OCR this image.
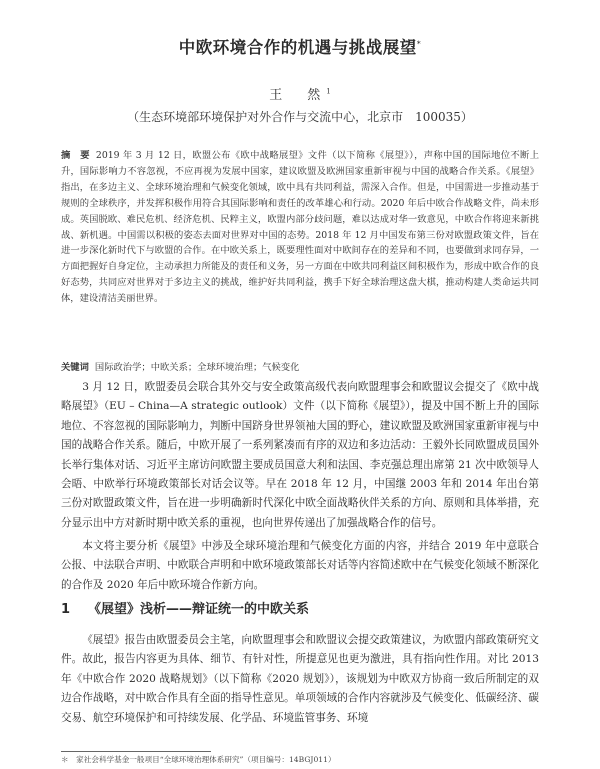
中欧环境合作的机遇与挑战展望*
王　然$^1$
（生态环境部环境保护对外合作与交流中心，北京市　100035）
摘　要 2019 年 3 月 12 日，欧盟公布《欧中战略展望》文件（以下简称《展望》），声称中国的国际地位不断上升，国际影响力不容忽视，不应再视为发展中国家，建议欧盟及欧洲国家重新审视与中国的战略合作关系。《展望》指出，在多边主义、全球环境治理和气候变化领域，欧中具有共同利益，需深入合作。但是，中国需进一步推动基于规则的全球秩序，并发挥积极作用符合其国际影响和责任的改革雄心和行动。2020 年后中欧合作战略文件，尚未形成。英国脱欧、难民危机、经济危机、民粹主义，欧盟内部分歧问题，难以达成对华一致意见，中欧合作将迎来新挑战、新机遇。中国需以积极的姿态去面对世界对中国的态势。2018 年 12 月中国发布第三份对欧盟政策文件，旨在进一步深化新时代下与欧盟的合作。在中欧关系上，既要理性面对中欧间存在的差异和不同，也要做到求同存异，一方面把握好自身定位，主动承担力所能及的责任和义务，另一方面在中欧共同利益区间积极作为，形成中欧合作的良好态势，共同应对世界对于多边主义的挑战，维护好共同利益，携手下好全球治理这盘大棋，推动构建人类命运共同体，建设清洁美丽世界。
关键词 国际政治学；中欧关系；全球环境治理；气候变化

3 月 12 日，欧盟委员会联合其外交与安全政策高级代表向欧盟理事会和欧盟议会提交了《欧中战略展望》（EU – China—A strategic outlook）文件（以下简称《展望》），提及中国不断上升的国际地位、不容忽视的国际影响力，判断中国跻身世界领袖大国的野心，建议欧盟及欧洲国家重新审视与中国的战略合作关系。随后，中欧开展了一系列紧凑而有序的双边和多边活动：王毅外长同欧盟成员国外长举行集体对话、习近平主席访问欧盟主要成员国意大利和法国、李克强总理出席第 21 次中欧领导人会晤、中欧举行环境政策部长对话会议等。早在 2018 年 12 月，中国继 2003 年和 2014 年出台第三份对欧盟政策文件，旨在进一步明确新时代深化中欧全面战略伙伴关系的方向、原则和具体举措，充分显示出中方对新时期中欧关系的重视，也向世界传递出了加强战略合作的信号。

本文将主要分析《展望》中涉及全球环境治理和气候变化方面的内容，并结合 2019 年中意联合公报、中法联合声明、中欧联合声明和中欧环境政策部长对话等内容简述欧中在气候变化领域不断深化的合作及 2020 年后中欧环境合作新方向。

1 《展望》浅析——辩证统一的中欧关系

《展望》报告由欧盟委员会主笔，向欧盟理事会和欧盟议会提交政策建议，为欧盟内部政策研究文件。故此，报告内容更为具体、细节、有针对性，所提意见也更为激进，具有指向性作用。对比 2013 年《中欧合作 2020 战略规划》（以下简称《2020 规划》），该规划为中欧双方协商一致后所制定的双边合作战略，对中欧合作具有全面的指导性意见。单项领域的合作内容就涉及气候变化、低碳经济、碳交易、航空环境保护和可持续发展、化学品、环境监管事务、环境

＊　家社会科学基金一般项目“全球环境治理体系研究”（项目编号：14BGJ011）
